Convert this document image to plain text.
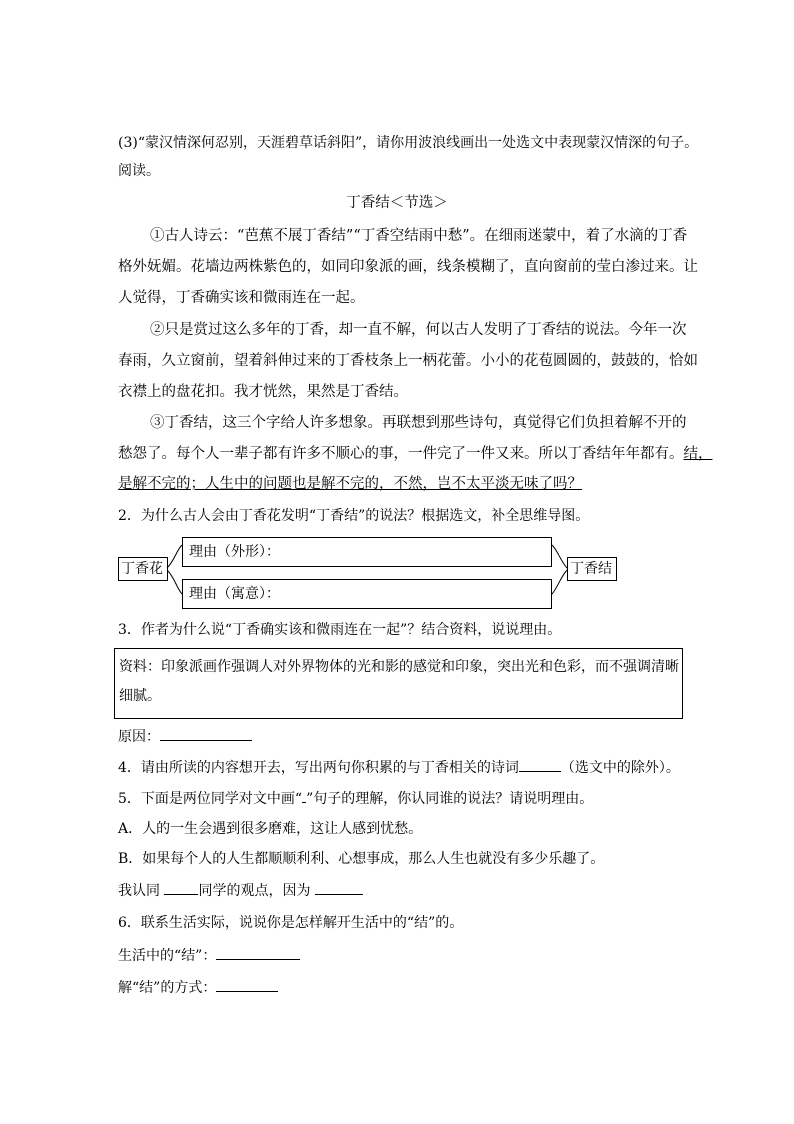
(3)“蒙汉情深何忍别，天涯碧草话斜阳”，请你用波浪线画出一处选文中表现蒙汉情深的句子。
阅读。
丁香结＜节选＞
①古人诗云：“芭蕉不展丁香结”“丁香空结雨中愁”。在细雨迷蒙中，着了水滴的丁香
格外妩媚。花墙边两株紫色的，如同印象派的画，线条模糊了，直向窗前的莹白渗过来。让
人觉得，丁香确实该和微雨连在一起。
②只是赏过这么多年的丁香，却一直不解，何以古人发明了丁香结的说法。今年一次
春雨，久立窗前，望着斜伸过来的丁香枝条上一柄花蕾。小小的花苞圆圆的，鼓鼓的，恰如
衣襟上的盘花扣。我才恍然，果然是丁香结。
③丁香结，这三个字给人许多想象。再联想到那些诗句，真觉得它们负担着解不开的
愁怨了。每个人一辈子都有许多不顺心的事，一件完了一件又来。所以丁香结年年都有。结，
是解不完的；人生中的问题也是解不完的，不然，岂不太平淡无味了吗？
2．为什么古人会由丁香花发明“丁香结”的说法？根据选文，补全思维导图。
丁香花
理由（外形）：
理由（寓意）：
丁香结
3．作者为什么说“丁香确实该和微雨连在一起”？结合资料，说说理由。
资料：印象派画作强调人对外界物体的光和影的感觉和印象，突出光和色彩，而不强调清晰
细腻。
原因：
4．请由所读的内容想开去，写出两句你积累的与丁香相关的诗词	（选文中的除外）。
5．下面是两位同学对文中画“ ”句子的理解，你认同谁的说法？请说明理由。
A．人的一生会遇到很多磨难，这让人感到忧愁。
B．如果每个人的人生都顺顺利利、心想事成，那么人生也就没有多少乐趣了。
我认同	同学的观点，因为
6．联系生活实际，说说你是怎样解开生活中的“结”的。
生活中的“结”：
解“结”的方式：
